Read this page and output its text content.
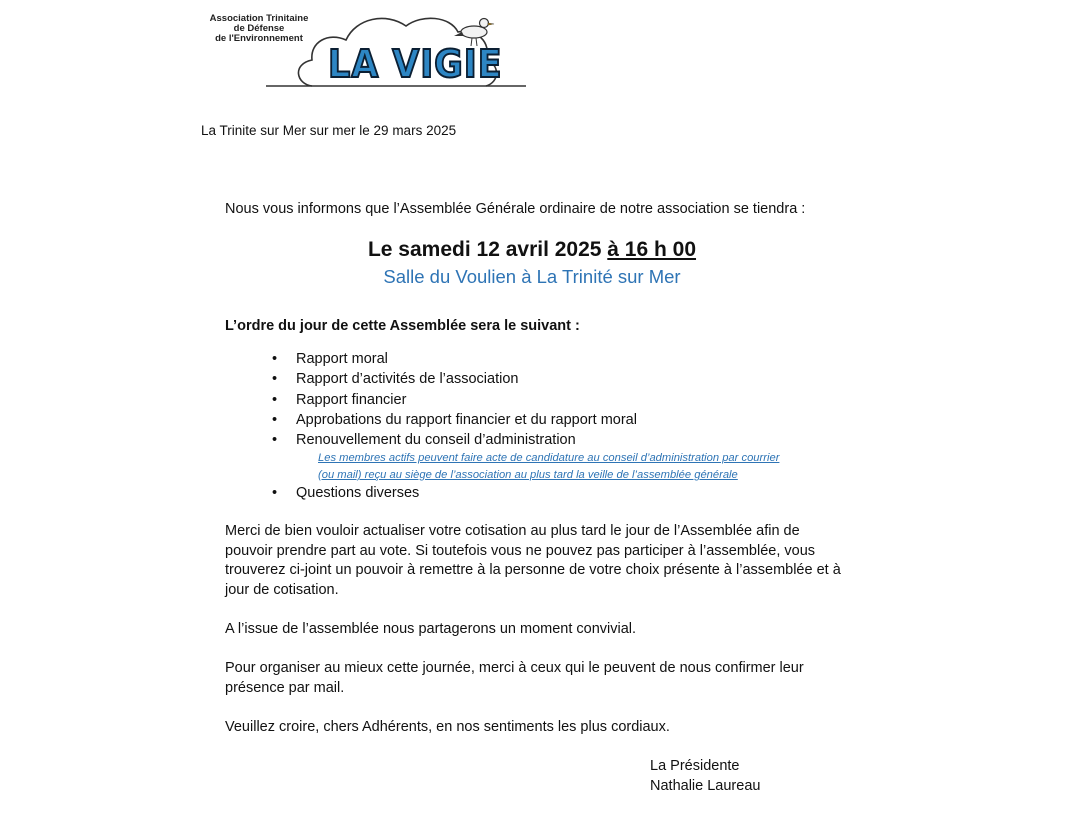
Association Trinitaine
de Défense
de l'Environnement
LA VIGIE
La Trinite sur Mer sur mer le 29 mars 2025
Nous vous informons que l’Assemblée Générale ordinaire de notre association se tiendra :
Le samedi 12 avril 2025 à 16 h 00
Salle du Voulien à La Trinité sur Mer
L’ordre du jour de cette Assemblée sera le suivant :
• Rapport moral
• Rapport d’activités de l’association
• Rapport financier
• Approbations du rapport financier et du rapport moral
• Renouvellement du conseil d’administration
Les membres actifs peuvent faire acte de candidature au conseil d’administration par courrier
(ou mail) reçu au siège de l’association au plus tard la veille de l’assemblée générale
• Questions diverses
Merci de bien vouloir actualiser votre cotisation au plus tard le jour de l’Assemblée afin de pouvoir prendre part au vote. Si toutefois vous ne pouvez pas participer à l’assemblée, vous trouverez ci-joint un pouvoir à remettre à la personne de votre choix présente à l’assemblée et à jour de cotisation.
A l’issue de l’assemblée nous partagerons un moment convivial.
Pour organiser au mieux cette journée, merci à ceux qui le peuvent de nous confirmer leur présence par mail.
Veuillez croire, chers Adhérents, en nos sentiments les plus cordiaux.
La Présidente
Nathalie Laureau
